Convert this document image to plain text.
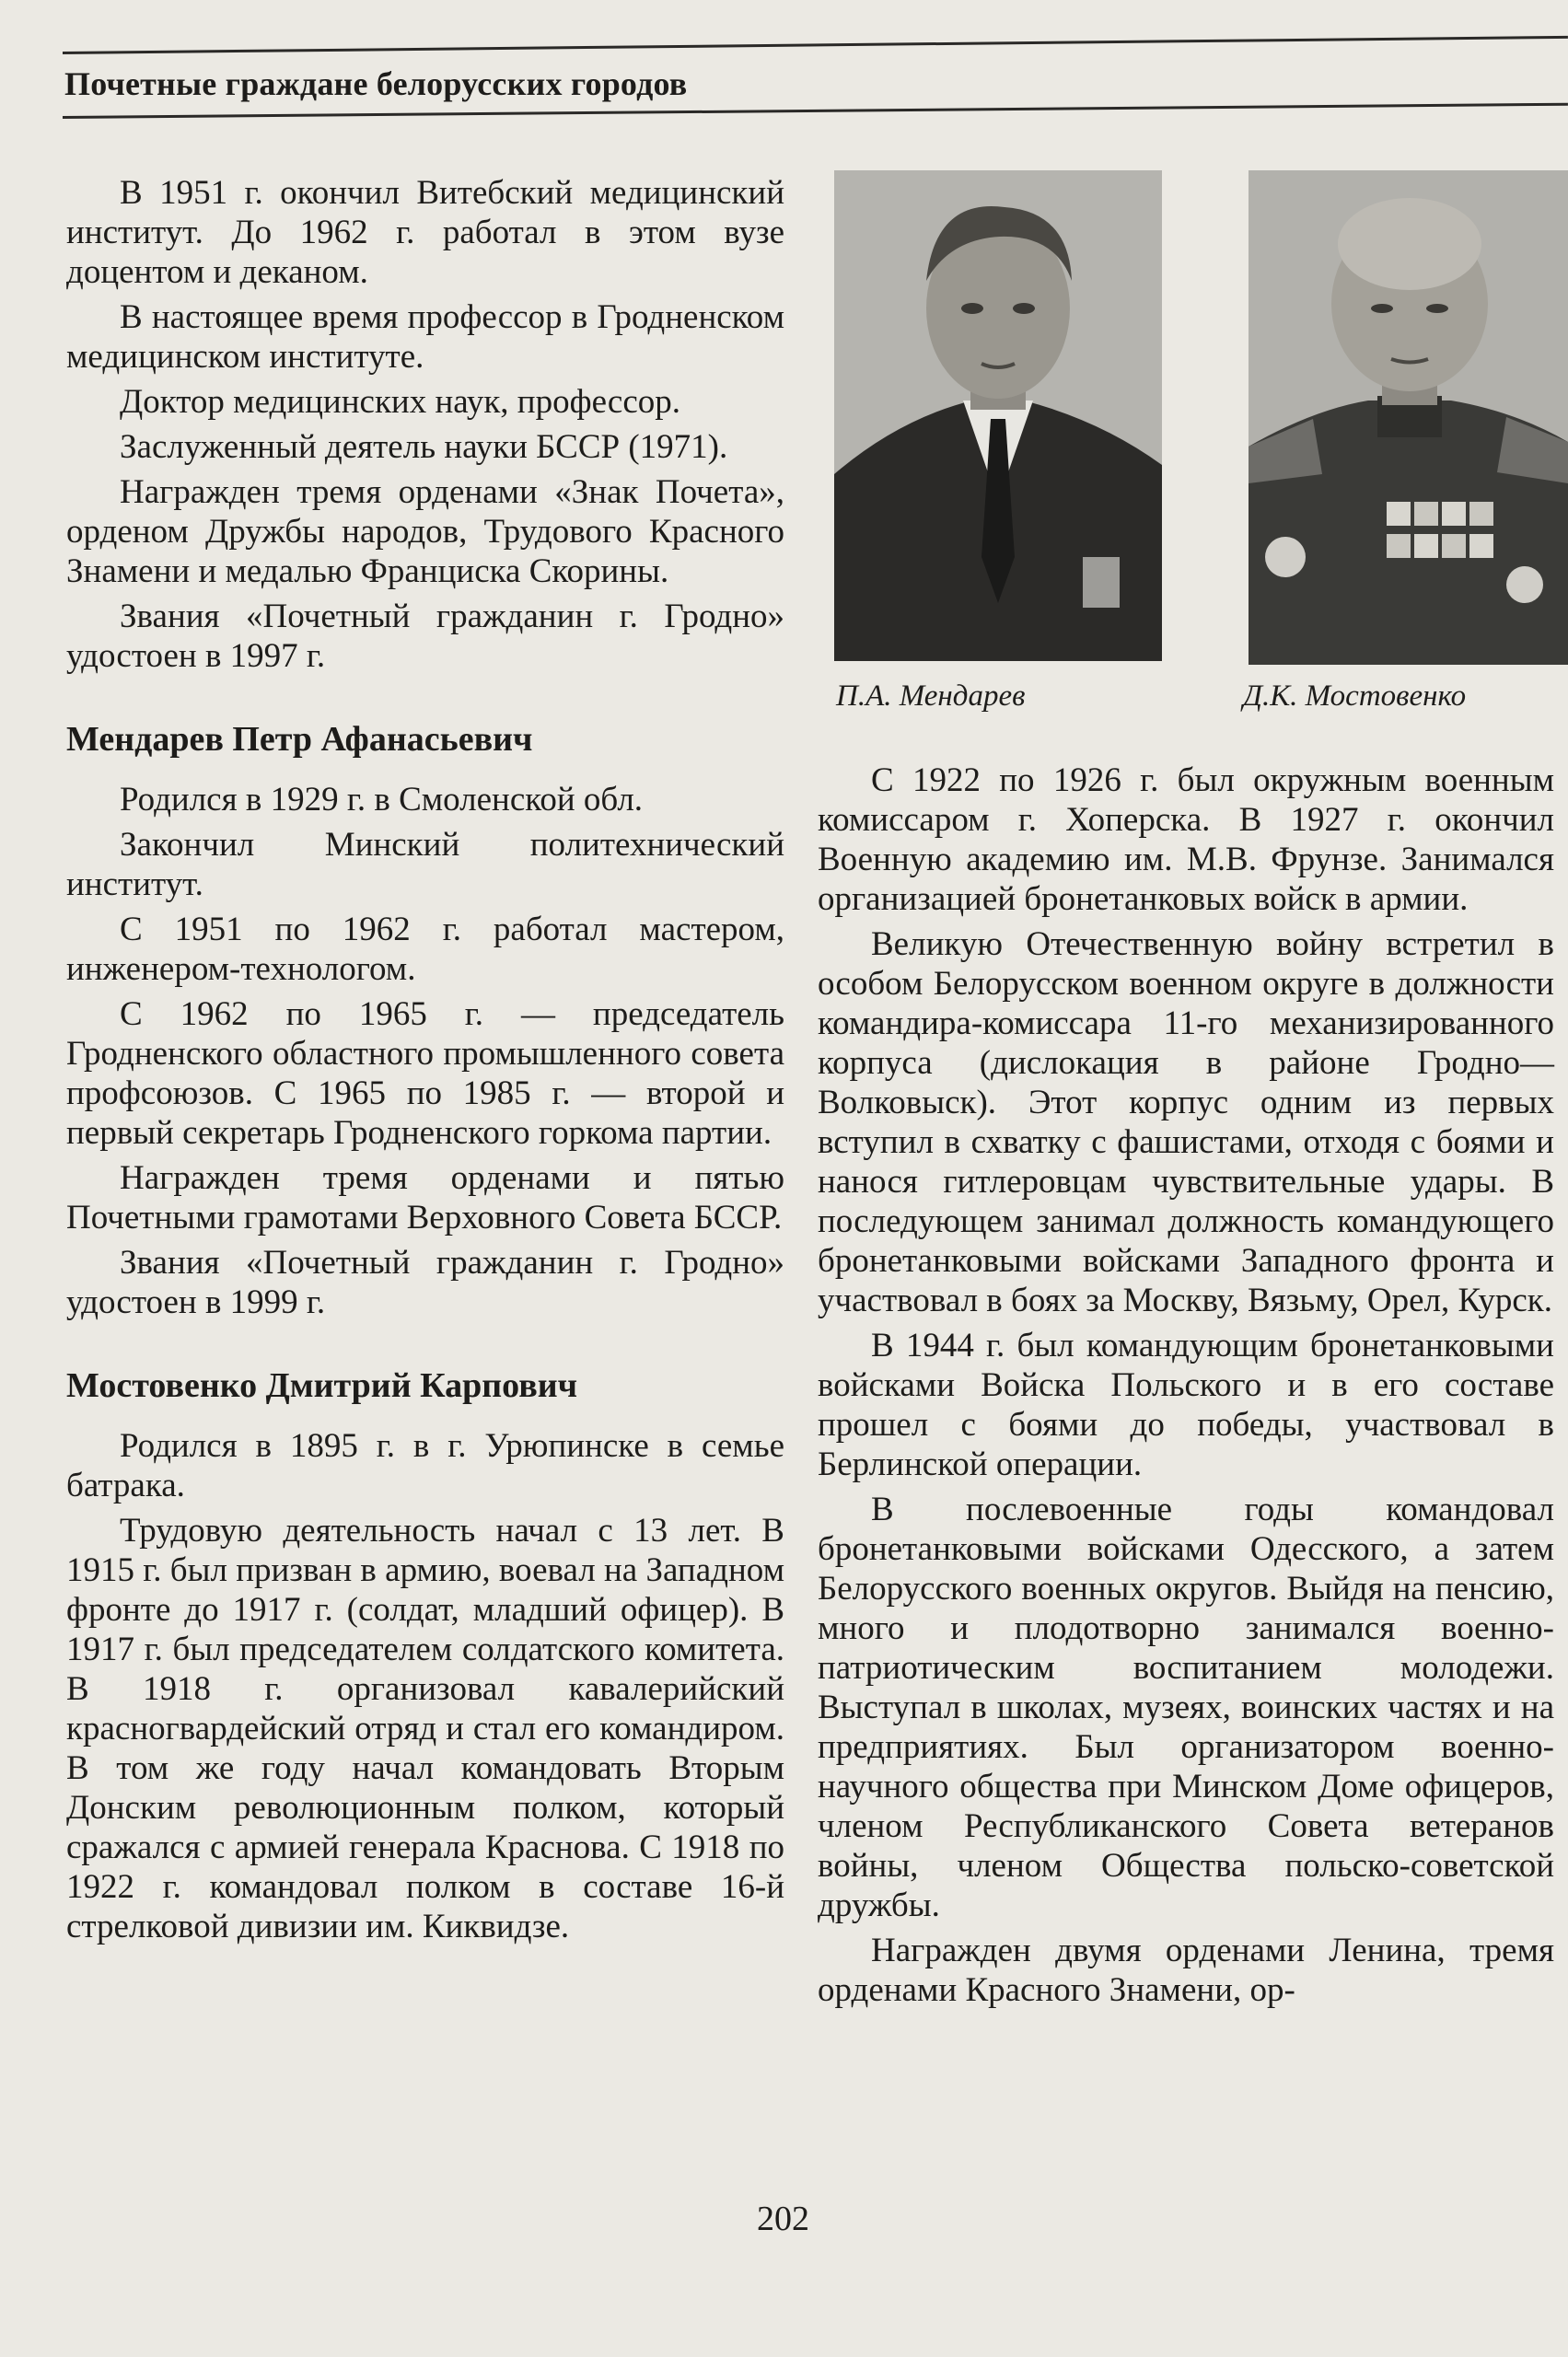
Почетные граждане белорусских городов

В 1951 г. окончил Витебский медицинский институт. До 1962 г. работал в этом вузе доцентом и деканом.

В настоящее время профессор в Гродненском медицинском институте.

Доктор медицинских наук, профессор.

Заслуженный деятель науки БССР (1971).

Награжден тремя орденами «Знак Почета», орденом Дружбы народов, Трудового Красного Знамени и медалью Франциска Скорины.

Звания «Почетный гражданин г. Гродно» удостоен в 1997 г.

Мендарев Петр Афанасьевич

Родился в 1929 г. в Смоленской обл.

Закончил Минский политехнический институт.

С 1951 по 1962 г. работал мастером, инженером-технологом.

С 1962 по 1965 г. — председатель Гродненского областного промышленного совета профсоюзов. С 1965 по 1985 г. — второй и первый секретарь Гродненского горкома партии.

Награжден тремя орденами и пятью Почетными грамотами Верховного Совета БССР.

Звания «Почетный гражданин г. Гродно» удостоен в 1999 г.

Мостовенко Дмитрий Карпович

Родился в 1895 г. в г. Урюпинске в семье батрака.

Трудовую деятельность начал с 13 лет. В 1915 г. был призван в армию, воевал на Западном фронте до 1917 г. (солдат, младший офицер). В 1917 г. был председателем солдатского комитета. В 1918 г. организовал кавалерийский красногвардейский отряд и стал его командиром. В том же году начал командовать Вторым Донским революционным полком, который сражался с армией генерала Краснова. С 1918 по 1922 г. командовал полком в составе 16-й стрелковой дивизии им. Киквидзе.

П.А. Мендарев	Д.К. Мостовенко

С 1922 по 1926 г. был окружным военным комиссаром г. Хоперска. В 1927 г. окончил Военную академию им. М.В. Фрунзе. Занимался организацией бронетанковых войск в армии.

Великую Отечественную войну встретил в особом Белорусском военном округе в должности командира-комиссара 11-го механизированного корпуса (дислокация в районе Гродно—Волковыск). Этот корпус одним из первых вступил в схватку с фашистами, отходя с боями и нанося гитлеровцам чувствительные удары. В последующем занимал должность командующего бронетанковыми войсками Западного фронта и участвовал в боях за Москву, Вязьму, Орел, Курск.

В 1944 г. был командующим бронетанковыми войсками Войска Польского и в его составе прошел с боями до победы, участвовал в Берлинской операции.

В послевоенные годы командовал бронетанковыми войсками Одесского, а затем Белорусского военных округов. Выйдя на пенсию, много и плодотворно занимался военно-патриотическим воспитанием молодежи. Выступал в школах, музеях, воинских частях и на предприятиях. Был организатором военно-научного общества при Минском Доме офицеров, членом Республиканского Совета ветеранов войны, членом Общества польско-советской дружбы.

Награжден двумя орденами Ленина, тремя орденами Красного Знамени, ор-

202
